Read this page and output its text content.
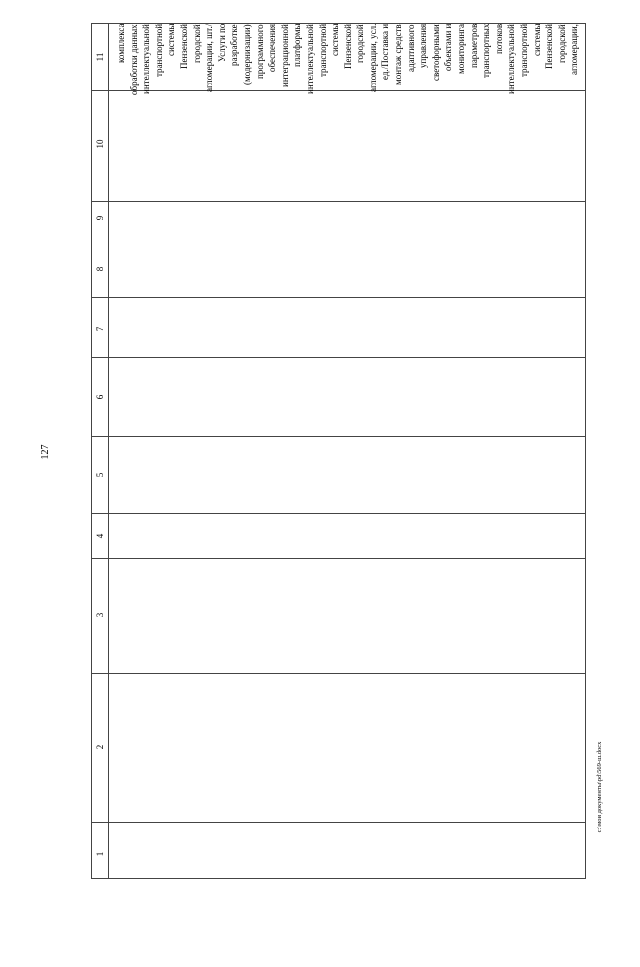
127
c:\мои документы\pd\569-ш.docx
11
10
9
8
7
6
5
4
3
2
1
комплекса обработки данных интеллектуальной транспортной системы Пензенской городской агломерации, шт./ Услуги по разработке (модернизации) программного обеспечения интеграционной платформы интеллектуальной транспортной системы Пензенской городской агломерации, усл. ед./Поставка и монтаж средств адаптивного управления светофорными объектами и мониторинга параметров транспортных потоков интеллектуальной транспортной системы Пензенской городской агломерации,
